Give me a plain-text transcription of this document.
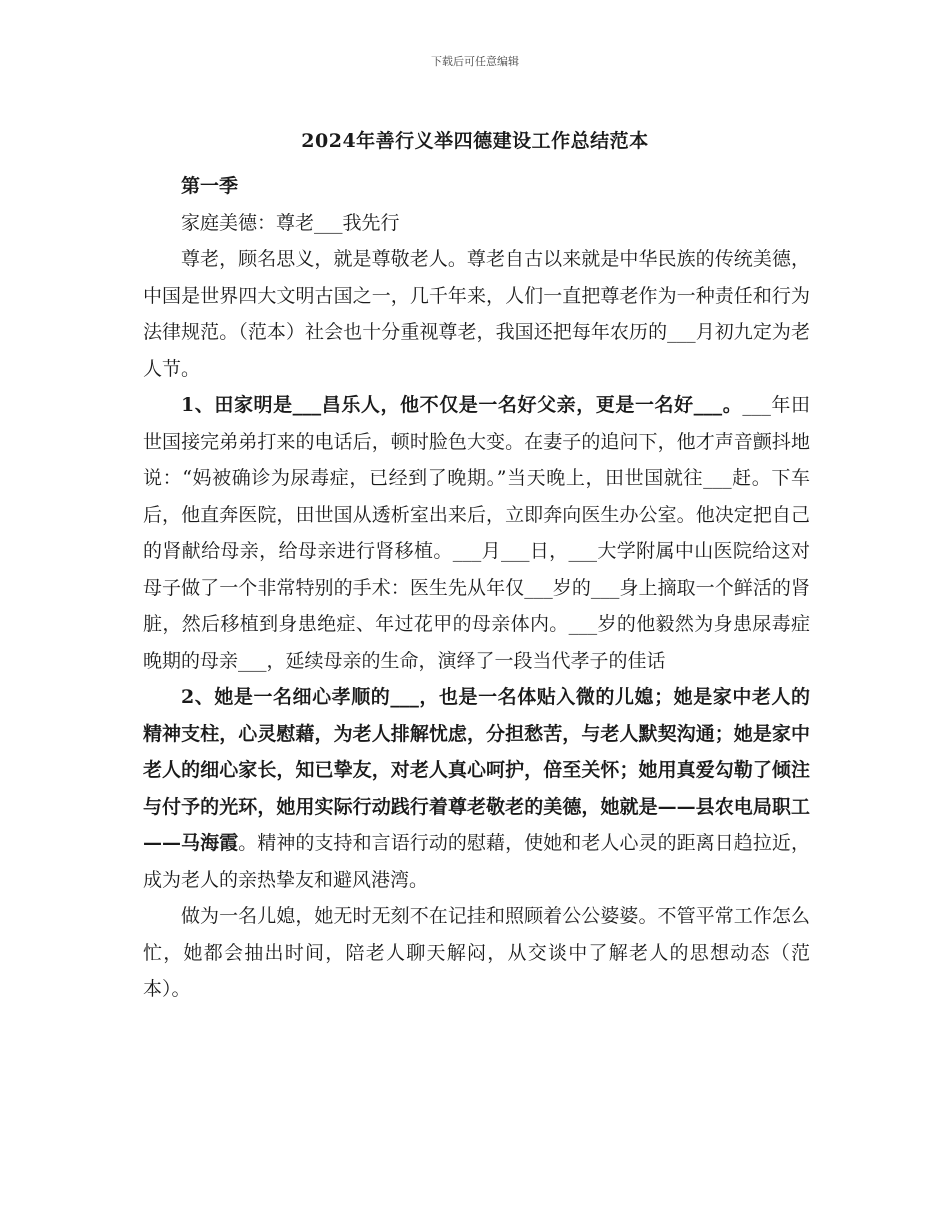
下载后可任意编辑
2024年善行义举四德建设工作总结范本

第一季

家庭美德：尊老___我先行

尊老，顾名思义，就是尊敬老人。尊老自古以来就是中华民族的传统美德，中国是世界四大文明古国之一，几千年来，人们一直把尊老作为一种责任和行为法律规范。（范本）社会也十分重视尊老，我国还把每年农历的___月初九定为老人节。

1、田家明是___昌乐人，他不仅是一名好父亲，更是一名好___。___年田世国接完弟弟打来的电话后，顿时脸色大变。在妻子的追问下，他才声音颤抖地说：“妈被确诊为尿毒症，已经到了晚期。”当天晚上，田世国就往___赶。下车后，他直奔医院，田世国从透析室出来后，立即奔向医生办公室。他决定把自己的肾献给母亲，给母亲进行肾移植。___月___日，___大学附属中山医院给这对母子做了一个非常特别的手术：医生先从年仅___岁的___身上摘取一个鲜活的肾脏，然后移植到身患绝症、年过花甲的母亲体内。___岁的他毅然为身患尿毒症晚期的母亲___，延续母亲的生命，演绎了一段当代孝子的佳话

2、她是一名细心孝顺的___，也是一名体贴入微的儿媳；她是家中老人的精神支柱，心灵慰藉，为老人排解忧虑，分担愁苦，与老人默契沟通；她是家中老人的细心家长，知已挚友，对老人真心呵护，倍至关怀；她用真爱勾勒了倾注与付予的光环，她用实际行动践行着尊老敬老的美德，她就是——县农电局职工——马海霞。精神的支持和言语行动的慰藉，使她和老人心灵的距离日趋拉近，成为老人的亲热挚友和避风港湾。

做为一名儿媳，她无时无刻不在记挂和照顾着公公婆婆。不管平常工作怎么忙，她都会抽出时间，陪老人聊天解闷，从交谈中了解老人的思想动态（范本）。
